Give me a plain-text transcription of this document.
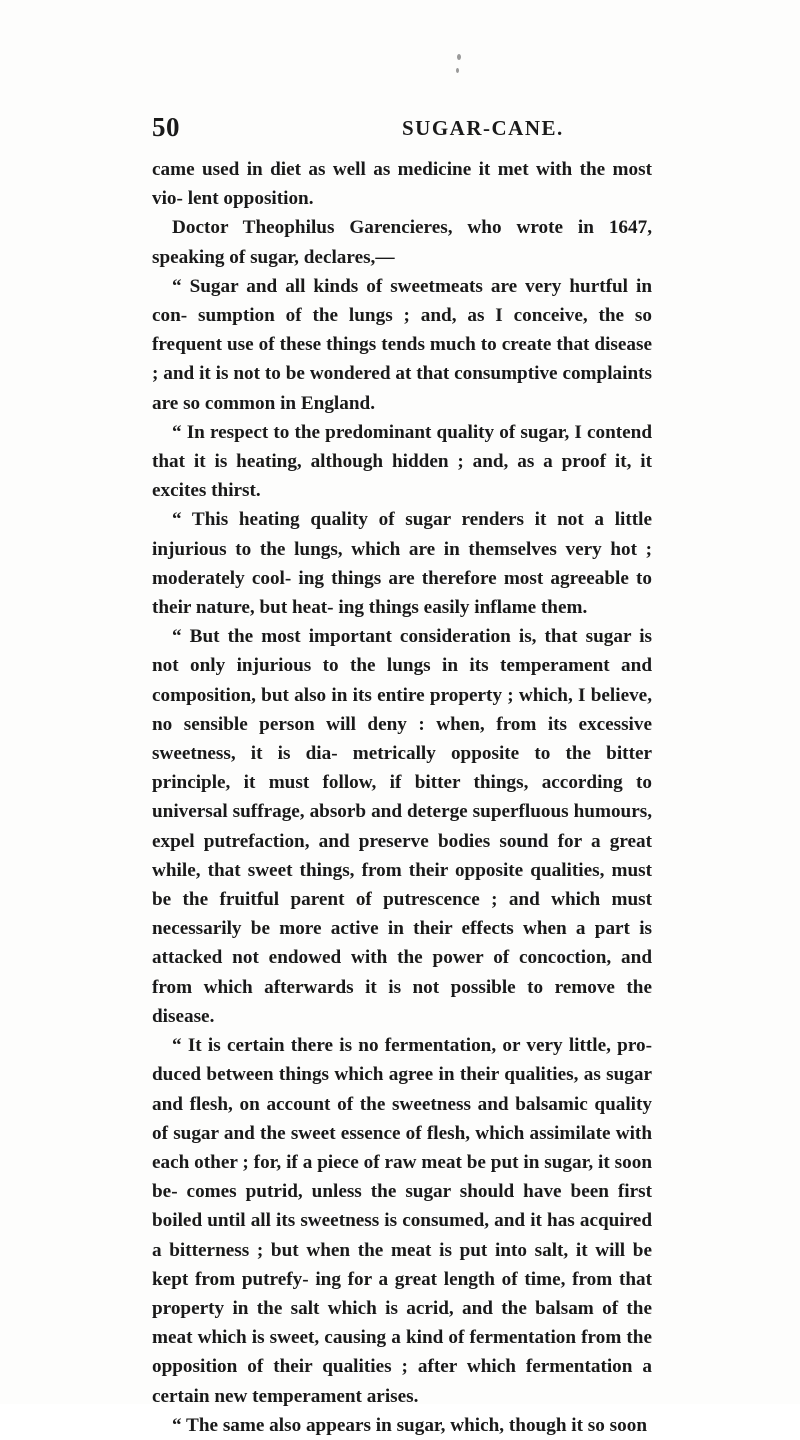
50	SUGAR-CANE.

came used in diet as well as medicine it met with the most vio- lent opposition.

Doctor Theophilus Garencieres, who wrote in 1647, speaking of sugar, declares,—

“ Sugar and all kinds of sweetmeats are very hurtful in con- sumption of the lungs ; and, as I conceive, the so frequent use of these things tends much to create that disease ; and it is not to be wondered at that consumptive complaints are so common in England.

“ In respect to the predominant quality of sugar, I contend that it is heating, although hidden ; and, as a proof it, it excites thirst.

“ This heating quality of sugar renders it not a little injurious to the lungs, which are in themselves very hot ; moderately cool- ing things are therefore most agreeable to their nature, but heat- ing things easily inflame them.

“ But the most important consideration is, that sugar is not only injurious to the lungs in its temperament and composition, but also in its entire property ; which, I believe, no sensible person will deny : when, from its excessive sweetness, it is dia- metrically opposite to the bitter principle, it must follow, if bitter things, according to universal suffrage, absorb and deterge superfluous humours, expel putrefaction, and preserve bodies sound for a great while, that sweet things, from their opposite qualities, must be the fruitful parent of putrescence ; and which must necessarily be more active in their effects when a part is attacked not endowed with the power of concoction, and from which afterwards it is not possible to remove the disease.

“ It is certain there is no fermentation, or very little, pro- duced between things which agree in their qualities, as sugar and flesh, on account of the sweetness and balsamic quality of sugar and the sweet essence of flesh, which assimilate with each other ; for, if a piece of raw meat be put in sugar, it soon be- comes putrid, unless the sugar should have been first boiled until all its sweetness is consumed, and it has acquired a bitterness ; but when the meat is put into salt, it will be kept from putrefy- ing for a great length of time, from that property in the salt which is acrid, and the balsam of the meat which is sweet, causing a kind of fermentation from the opposition of their qualities ; after which fermentation a certain new temperament arises.

“ The same also appears in sugar, which, though it so soon
